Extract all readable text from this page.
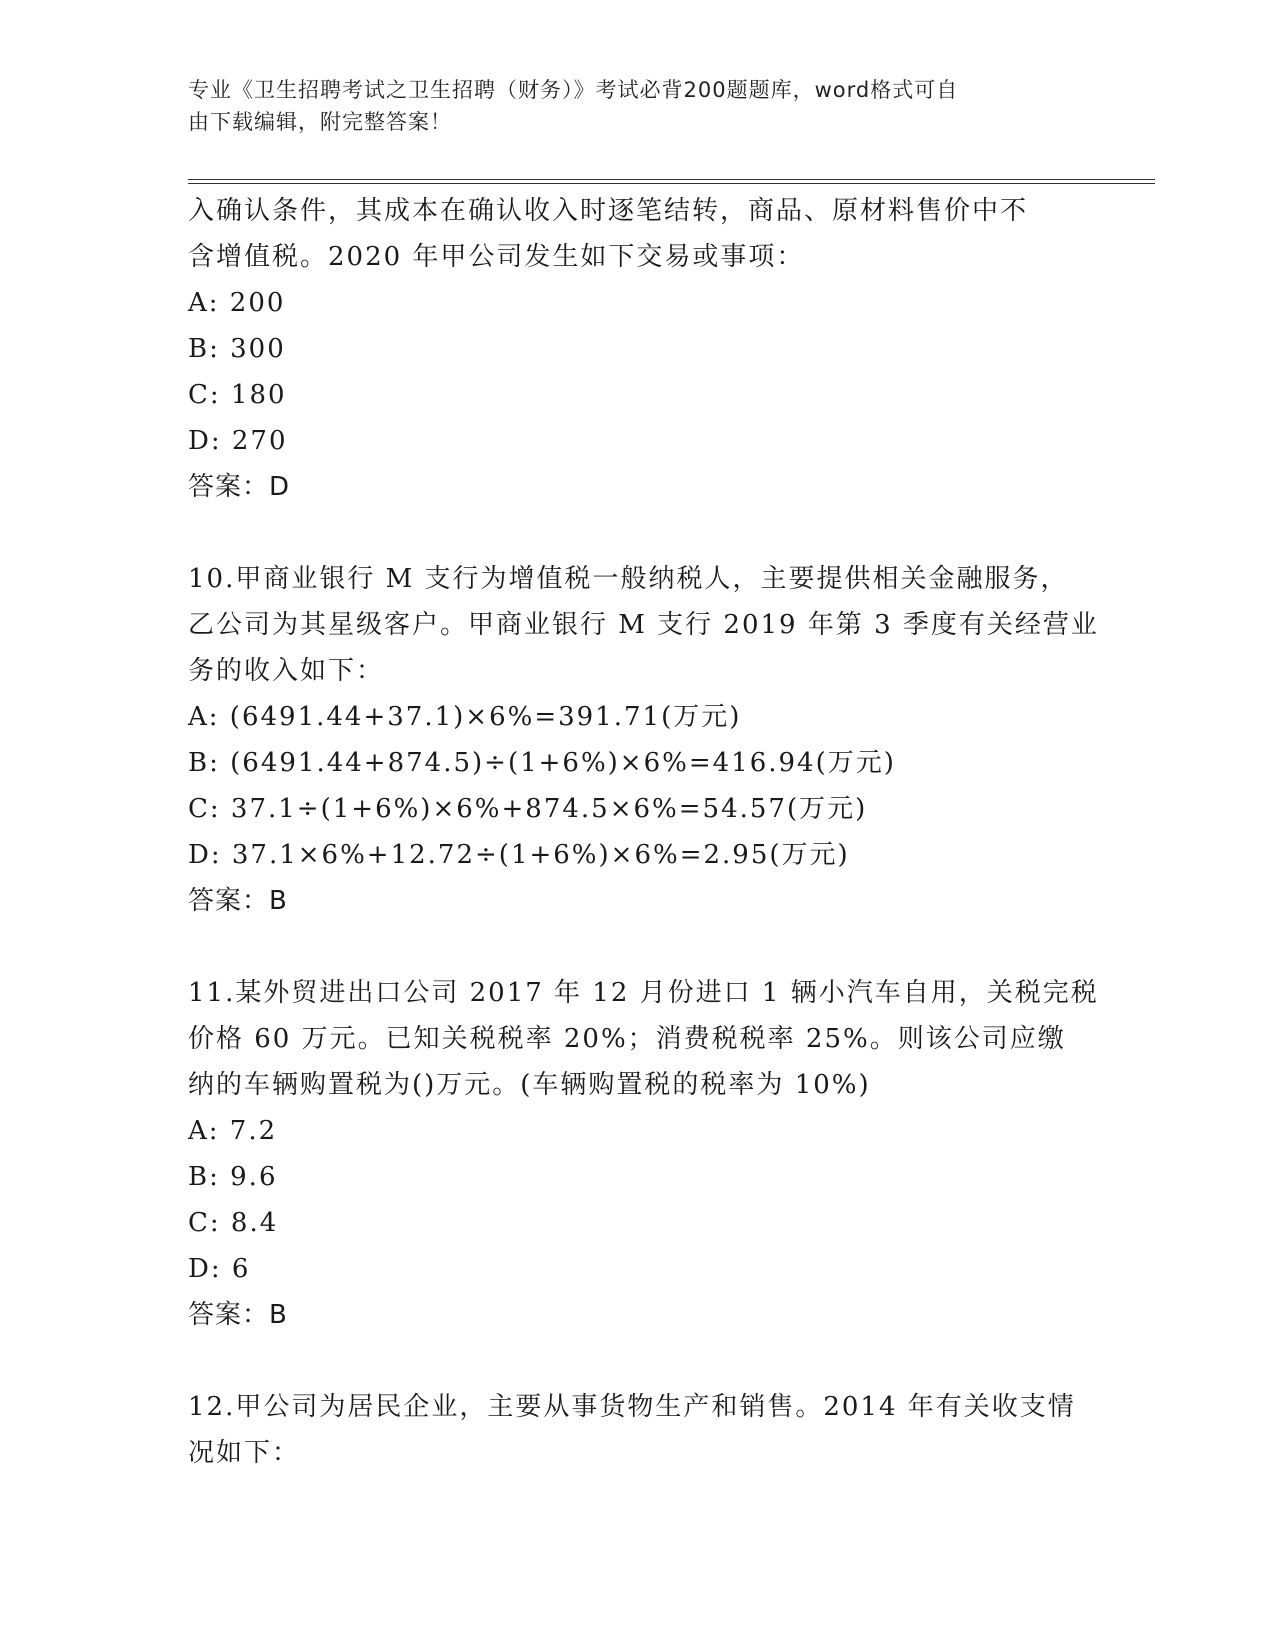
专业《卫生招聘考试之卫生招聘（财务）》考试必背200题题库，word格式可自
由下载编辑，附完整答案！
入确认条件，其成本在确认收入时逐笔结转，商品、原材料售价中不
含增值税。2020 年甲公司发生如下交易或事项：
A: 200
B: 300
C: 180
D: 270
答案：D
10.甲商业银行 M 支行为增值税一般纳税人，主要提供相关金融服务，
乙公司为其星级客户。甲商业银行 M 支行 2019 年第 3 季度有关经营业
务的收入如下：
A: (6491.44+37.1)×6%=391.71(万元)
B: (6491.44+874.5)÷(1+6%)×6%=416.94(万元)
C: 37.1÷(1+6%)×6%+874.5×6%=54.57(万元)
D: 37.1×6%+12.72÷(1+6%)×6%=2.95(万元)
答案：B
11.某外贸进出口公司 2017 年 12 月份进口 1 辆小汽车自用，关税完税
价格 60 万元。已知关税税率 20%；消费税税率 25%。则该公司应缴
纳的车辆购置税为()万元。(车辆购置税的税率为 10%)
A: 7.2
B: 9.6
C: 8.4
D: 6
答案：B
12.甲公司为居民企业，主要从事货物生产和销售。2014 年有关收支情
况如下：
